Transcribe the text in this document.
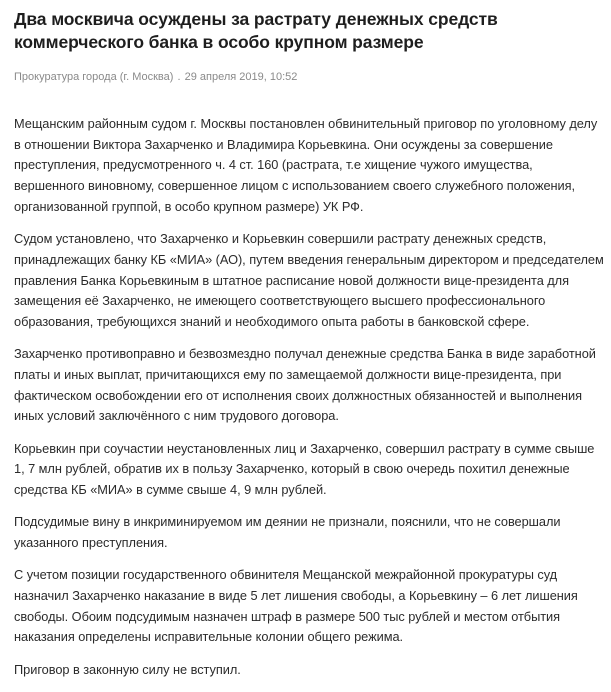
Два москвича осуждены за растрату денежных средств коммерческого банка в особо крупном размере
Прокуратура города (г. Москва) . 29 апреля 2019, 10:52

Мещанским районным судом г. Москвы постановлен обвинительный приговор по уголовному делу в отношении Виктора Захарченко и Владимира Корьевкина. Они осуждены за совершение преступления, предусмотренного ч. 4 ст. 160 (растрата, т.е хищение чужого имущества, вершенного виновному, совершенное лицом с использованием своего служебного положения, организованной группой, в особо крупном размере) УК РФ.

Судом установлено, что Захарченко и Корьевкин совершили растрату денежных средств, принадлежащих банку КБ «МИА» (АО), путем введения генеральным директором и председателем правления Банка Корьевкиным в штатное расписание новой должности вице-президента для замещения её Захарченко, не имеющего соответствующего высшего профессионального образования, требующихся знаний и необходимого опыта работы в банковской сфере.

Захарченко противоправно и безвозмездно получал денежные средства Банка в виде заработной платы и иных выплат, причитающихся ему по замещаемой должности вице-президента, при фактическом освобождении его от исполнения своих должностных обязанностей и выполнения иных условий заключённого с ним трудового договора.

Корьевкин при соучастии неустановленных лиц и Захарченко, совершил растрату в сумме свыше 1, 7 млн рублей, обратив их в пользу Захарченко, который в свою очередь похитил денежные средства КБ «МИА» в сумме свыше 4, 9 млн рублей.

Подсудимые вину в инкриминируемом им деянии не признали, пояснили, что не совершали указанного преступления.

С учетом позиции государственного обвинителя Мещанской межрайонной прокуратуры суд назначил Захарченко наказание в виде 5 лет лишения свободы, а Корьевкину – 6 лет лишения свободы. Обоим подсудимым назначен штраф в размере 500 тыс рублей и местом отбытия наказания определены исправительные колонии общего режима.

Приговор в законную силу не вступил.
